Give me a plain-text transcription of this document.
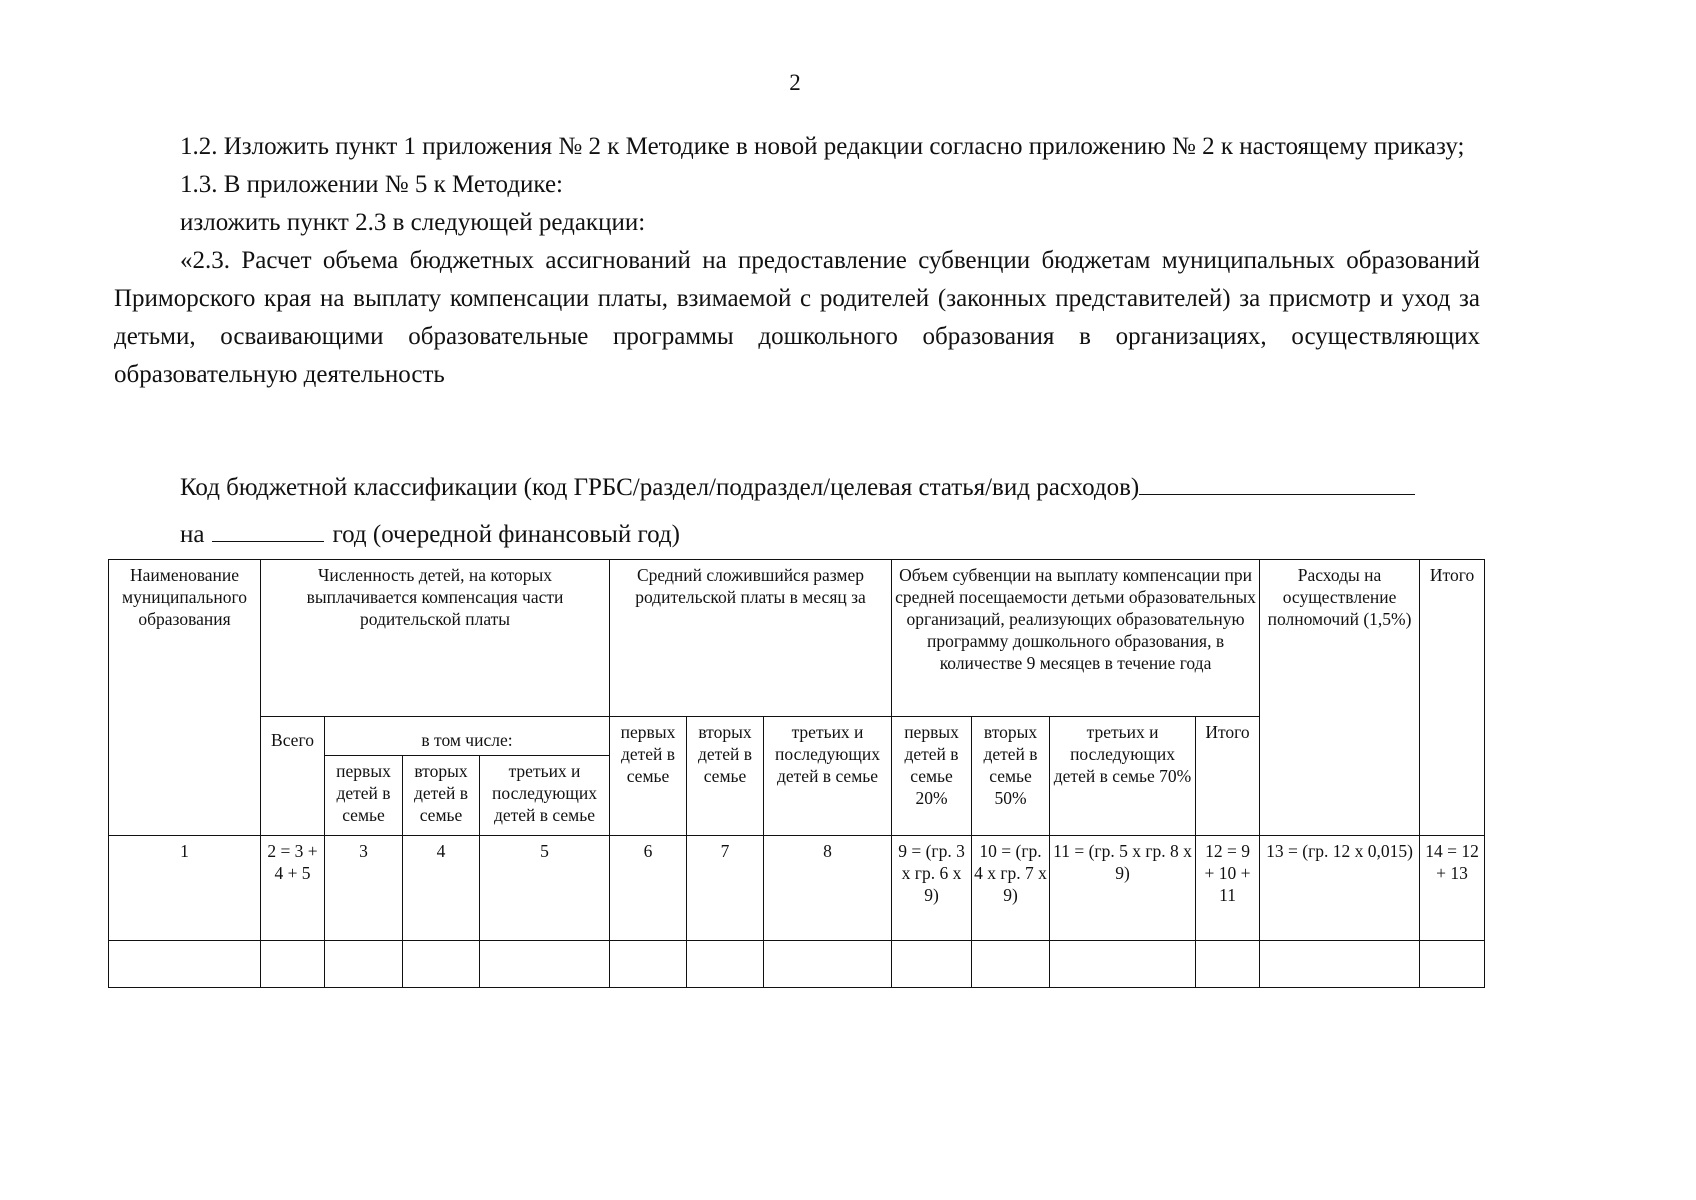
2

1.2. Изложить пункт 1 приложения № 2 к Методике в новой редакции согласно приложению № 2 к настоящему приказу;

1.3. В приложении № 5 к Методике:

изложить пункт 2.3 в следующей редакции:

«2.3. Расчет объема бюджетных ассигнований на предоставление субвенции бюджетам муниципальных образований Приморского края на выплату компенсации платы, взимаемой с родителей (законных представителей) за присмотр и уход за детьми, осваивающими образовательные программы дошкольного образования в организациях, осуществляющих образовательную деятельность

Код бюджетной классификации (код ГРБС/раздел/подраздел/целевая статья/вид расходов)
на	год (очередной финансовый год)
Наименование муниципального образования	Численность детей, на которых выплачивается компенсация части родительской платы				Средний сложившийся размер родительской платы в месяц за			Объем субвенции на выплату компенсации при средней посещаемости детьми образовательных организаций, реализующих образовательную программу дошкольного образования, в количестве 9 месяцев в течение года				Расходы на осуществление полномочий (1,5%)	Итого
	Всего	в том числе:			первых детей в семье	вторых детей в семье	третьих и последующих детей в семье	первых детей в семье 20%	вторых детей в семье 50%	третьих и последующих детей в семье 70%	Итого		
		первых детей в семье	вторых детей в семье	третьих и последующих детей в семье									
1	2 = 3 + 4 + 5	3	4	5	6	7	8	9 = (гр. 3 х гр. 6 х 9)	10 = (гр. 4 х гр. 7 х 9)	11 = (гр. 5 х гр. 8 х 9)	12 = 9 + 10 + 11	13 = (гр. 12 х 0,015)	14 = 12 + 13
